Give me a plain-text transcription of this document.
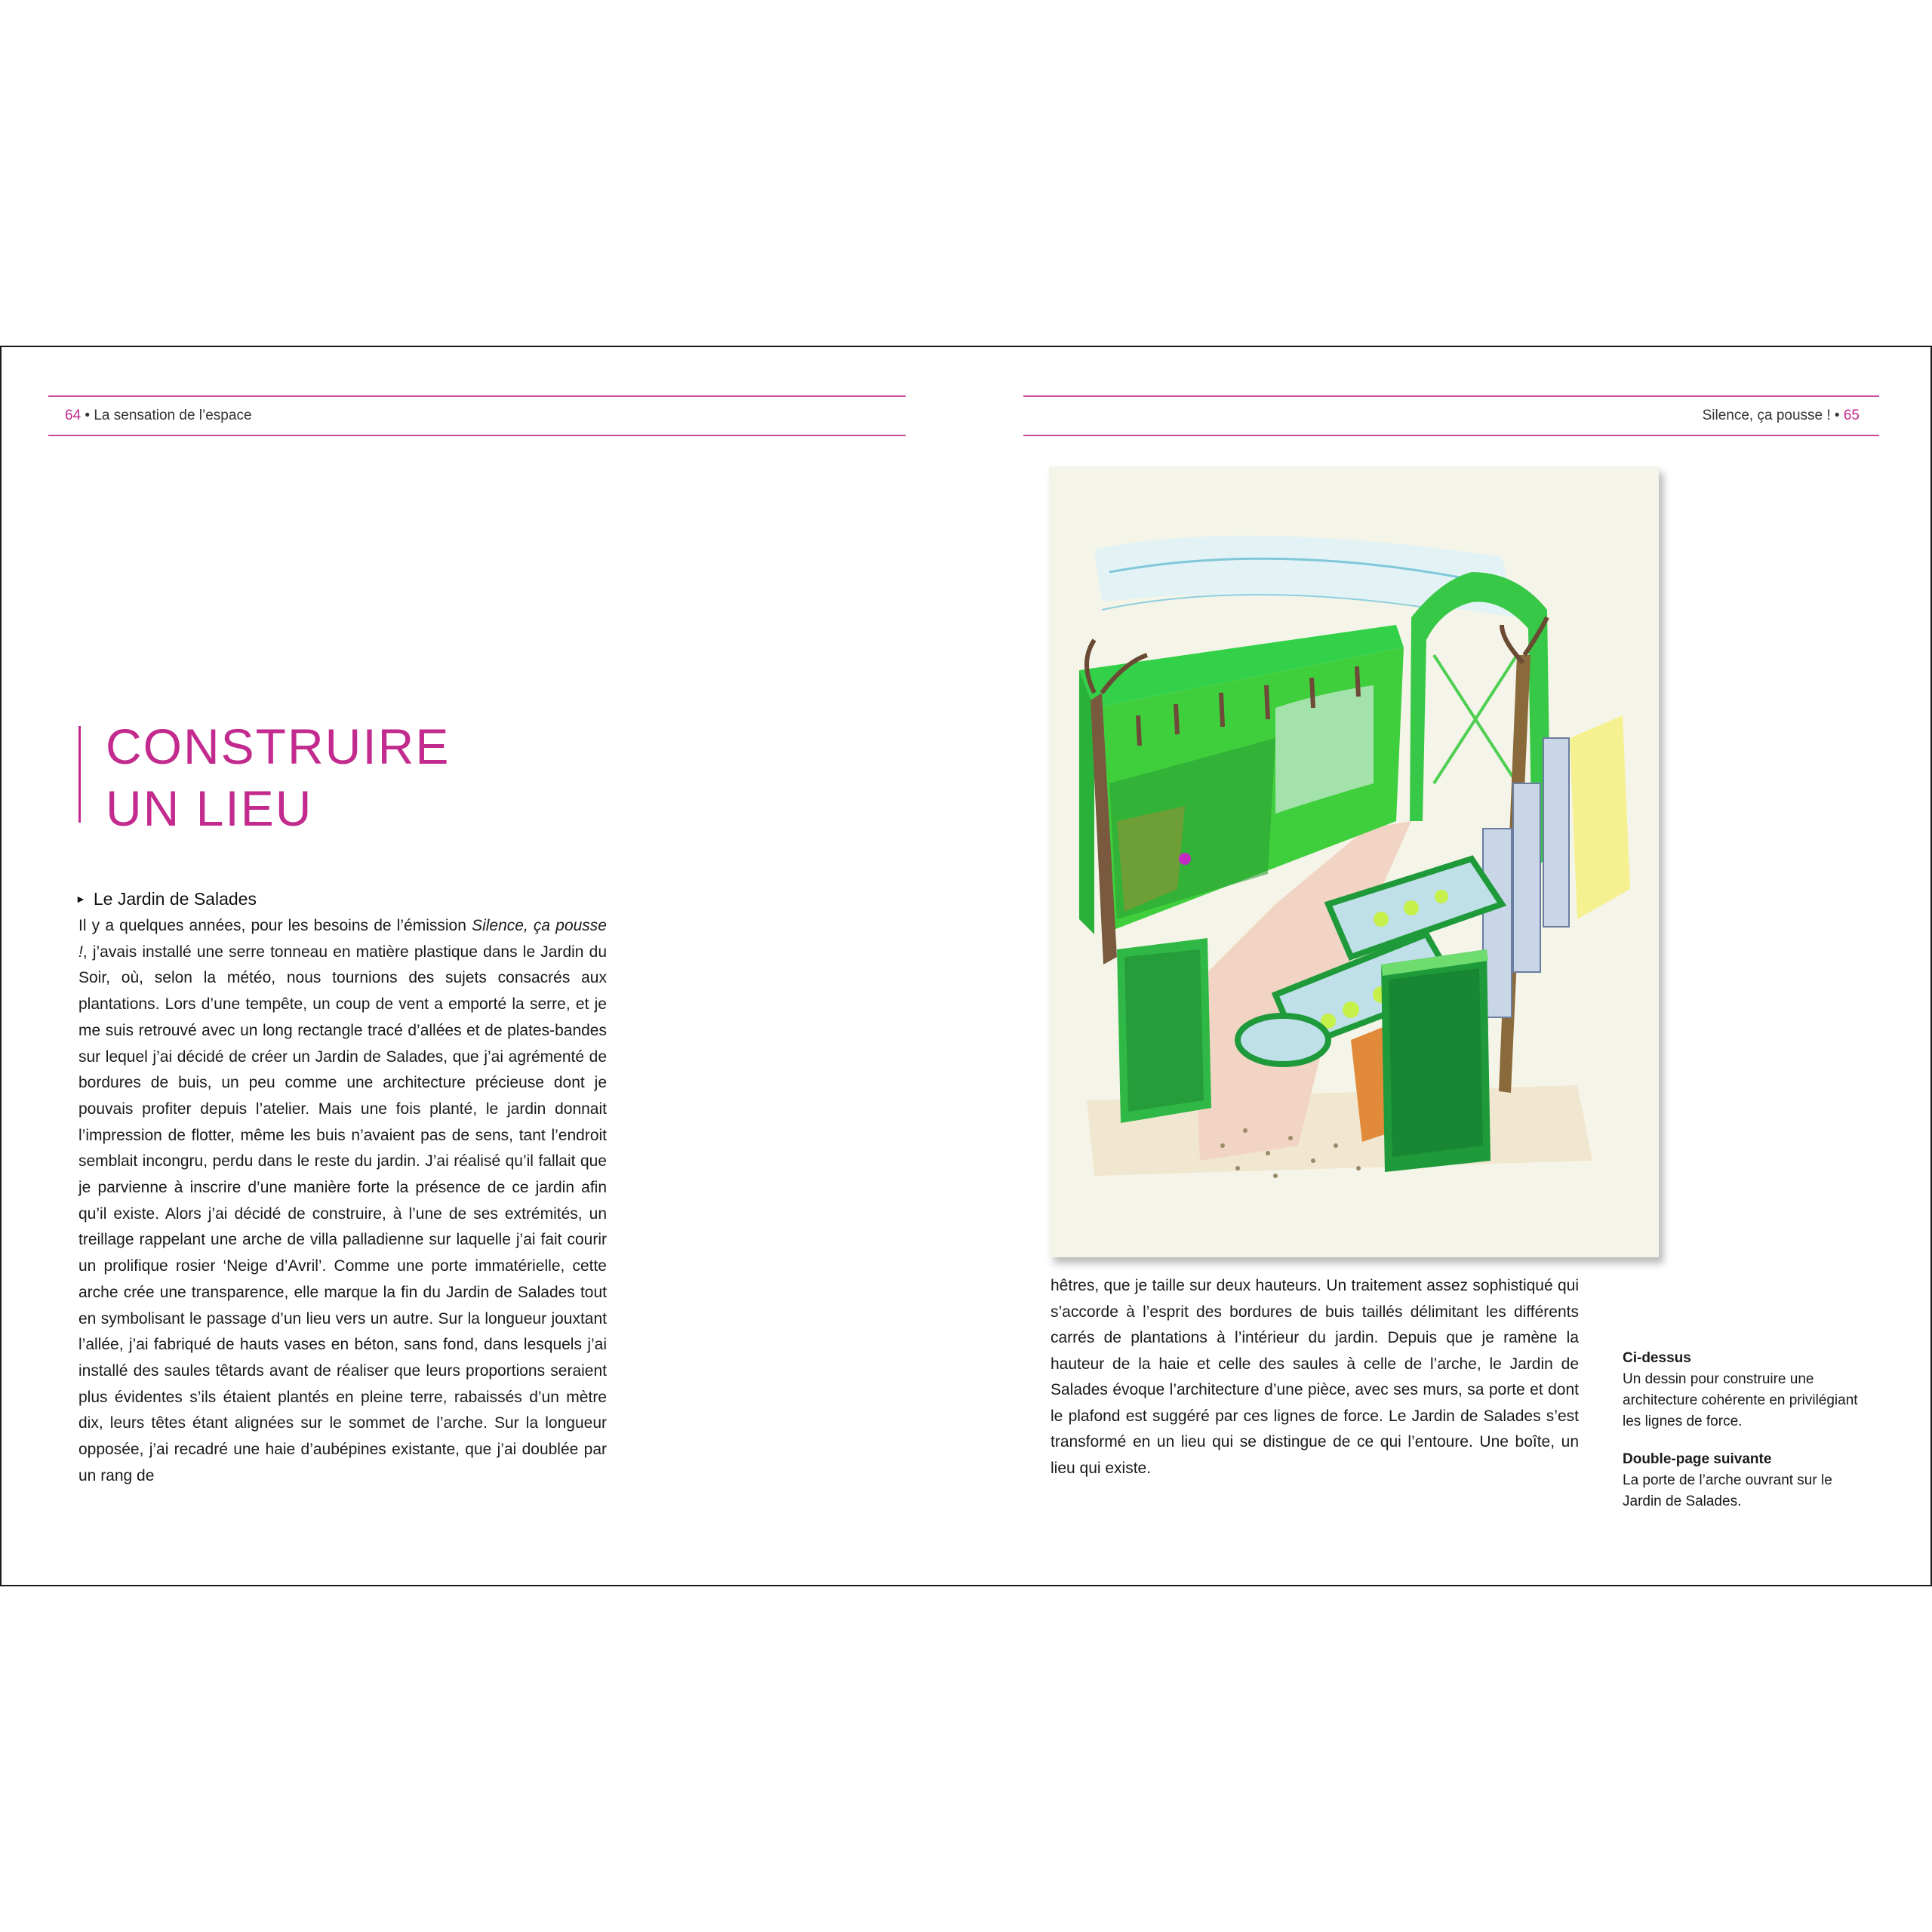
64 • La sensation de l’espace	Silence, ça pousse ! • 65
CONSTRUIRE
UN LIEU
► Le Jardin de Salades
Il y a quelques années, pour les besoins de l’émission Silence, ça pousse !, j’avais installé une serre tonneau en matière plastique dans le Jardin du Soir, où, selon la météo, nous tournions des sujets consacrés aux plantations. Lors d’une tempête, un coup de vent a emporté la serre, et je me suis retrouvé avec un long rectangle tracé d’allées et de plates-bandes sur lequel j’ai décidé de créer un Jardin de Salades, que j’ai agrémenté de bordures de buis, un peu comme une architecture précieuse dont je pouvais profiter depuis l’atelier. Mais une fois planté, le jardin donnait l’impression de flotter, même les buis n’avaient pas de sens, tant l’endroit semblait incongru, perdu dans le reste du jardin. J’ai réalisé qu’il fallait que je parvienne à inscrire d’une manière forte la présence de ce jardin afin qu’il existe. Alors j’ai décidé de construire, à l’une de ses extrémités, un treillage rappelant une arche de villa palladienne sur laquelle j’ai fait courir un prolifique rosier ‘Neige d’Avril’. Comme une porte immatérielle, cette arche crée une transparence, elle marque la fin du Jardin de Salades tout en symbolisant le passage d’un lieu vers un autre. Sur la longueur jouxtant l’allée, j’ai fabriqué de hauts vases en béton, sans fond, dans lesquels j’ai installé des saules têtards avant de réaliser que leurs proportions seraient plus évidentes s’ils étaient plantés en pleine terre, rabaissés d’un mètre dix, leurs têtes étant alignées sur le sommet de l’arche. Sur la longueur opposée, j’ai recadré une haie d’aubépines existante, que j’ai doublée par un rang de
hêtres, que je taille sur deux hauteurs. Un traitement assez sophistiqué qui s’accorde à l’esprit des bordures de buis taillés délimitant les différents carrés de plantations à l’intérieur du jardin. Depuis que je ramène la hauteur de la haie et celle des saules à celle de l’arche, le Jardin de Salades évoque l’architecture d’une pièce, avec ses murs, sa porte et dont le plafond est suggéré par ces lignes de force. Le Jardin de Salades s’est transformé en un lieu qui se distingue de ce qui l’entoure. Une boîte, un lieu qui existe.
Ci-dessus
Un dessin pour construire une architecture cohérente en privilégiant les lignes de force.
Double-page suivante
La porte de l’arche ouvrant sur le Jardin de Salades.
